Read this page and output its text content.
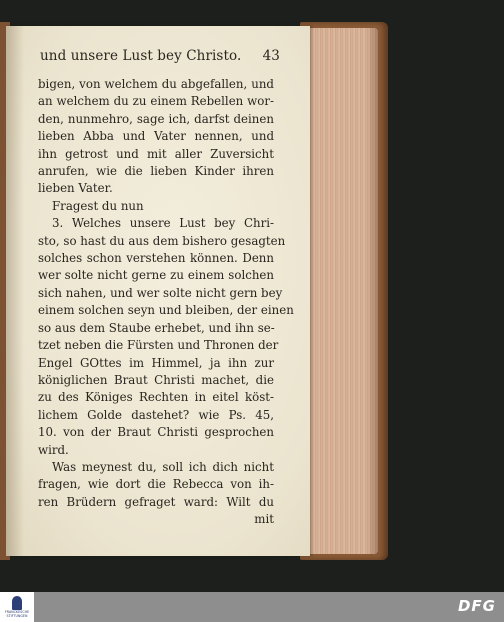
und unsere Lust bey Christo. 43
bigen, von welchem du abgefallen, und
an welchem du zu einem Rebellen wor-
den, nunmehro, sage ich, darfst deinen
lieben Abba und Vater nennen, und
ihn getrost und mit aller Zuversicht
anrufen, wie die lieben Kinder ihren
lieben Vater.
Fragest du nun
3. Welches unsere Lust bey Chri-
sto, so hast du aus dem bishero gesagten
solches schon verstehen können. Denn
wer solte nicht gerne zu einem solchen
sich nahen, und wer solte nicht gern bey
einem solchen seyn und bleiben, der einen
so aus dem Staube erhebet, und ihn se-
tzet neben die Fürsten und Thronen der
Engel GOttes im Himmel, ja ihn zur
königlichen Braut Christi machet, die
zu des Königes Rechten in eitel köst-
lichem Golde dastehet? wie Ps. 45,
10. von der Braut Christi gesprochen
wird.
Was meynest du, soll ich dich nicht
fragen, wie dort die Rebecca von ih-
ren Brüdern gefraget ward: Wilt du
mit
FRANCKESCHE
STIFTUNGEN
DFG
